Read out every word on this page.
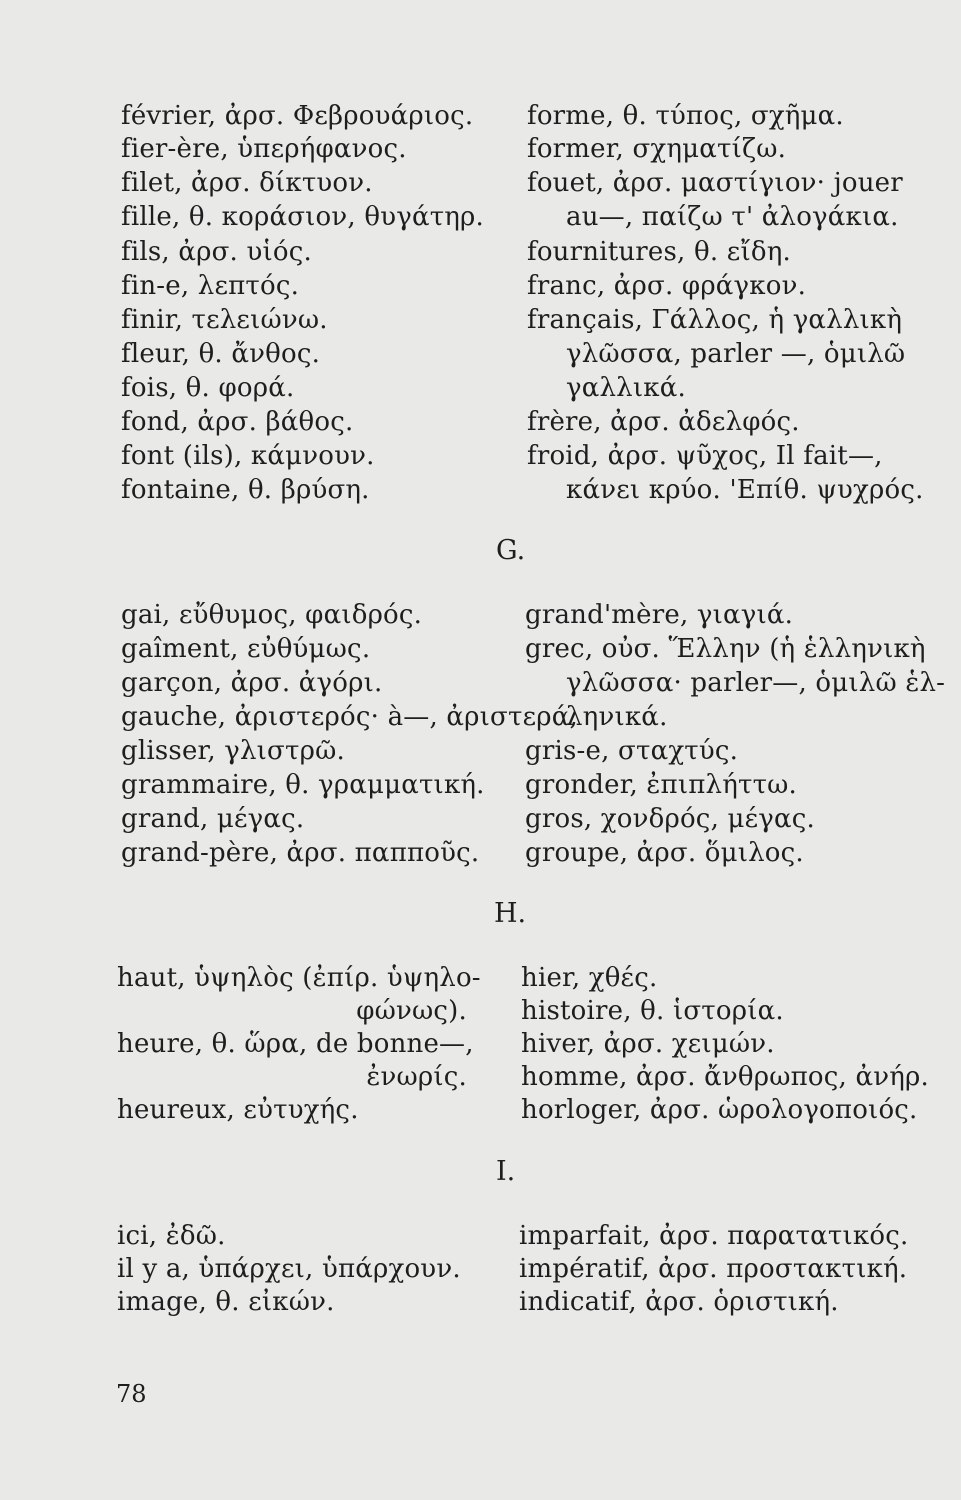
février, ἀρσ. Φεβρουάριος.
fier-ère, ὑπερήφανος.
filet, ἀρσ. δίκτυον.
fille, θ. κοράσιον, θυγάτηρ.
fils, ἀρσ. υἱός.
fin-e, λεπτός.
finir, τελειώνω.
fleur, θ. ἄνθος.
fois, θ. φορά.
fond, ἀρσ. βάθος.
font (ils), κάμνουν.
fontaine, θ. βρύση.
forme, θ. τύπος, σχῆμα.
former, σχηματίζω.
fouet, ἀρσ. μαστίγιον· jouer
au—, παίζω τ' ἀλογάκια.
fournitures, θ. εἴδη.
franc, ἀρσ. φράγκον.
français, Γάλλος, ἡ γαλλικὴ
γλῶσσα, parler —, ὁμιλῶ
γαλλικά.
frère, ἀρσ. ἀδελφός.
froid, ἀρσ. ψῦχος, Il fait—,
κάνει κρύο. 'Επίθ. ψυχρός.
G.
gai, εὔθυμος, φαιδρός.
gaîment, εὐθύμως.
garçon, ἀρσ. ἀγόρι.
gauche, ἀριστερός· à—, ἀριστερά,
glisser, γλιστρῶ.
grammaire, θ. γραμματική.
grand, μέγας.
grand-père, ἀρσ. παπποῦς.
grand'mère, γιαγιά.
grec, οὐσ. Ἕλλην (ἡ ἑλληνικὴ
γλῶσσα· parler—, ὁμιλῶ ἑλ-
ληνικά.
gris-e, σταχτύς.
gronder, ἐπιπλήττω.
gros, χονδρός, μέγας.
groupe, ἀρσ. ὅμιλος.
H.
haut, ὑψηλὸς (ἐπίρ. ὑψηλο-
φώνως).
heure, θ. ὥρα, de bonne—,
ἐνωρίς.
heureux, εὐτυχής.
hier, χθές.
histoire, θ. ἱστορία.
hiver, ἀρσ. χειμών.
homme, ἀρσ. ἄνθρωπος, ἀνήρ.
horloger, ἀρσ. ὡρολογοποιός.
I.
ici, ἐδῶ.
il y a, ὑπάρχει, ὑπάρχουν.
image, θ. εἰκών.
imparfait, ἀρσ. παρατατικός.
impératif, ἀρσ. προστακτική.
indicatif, ἀρσ. ὁριστική.
78
